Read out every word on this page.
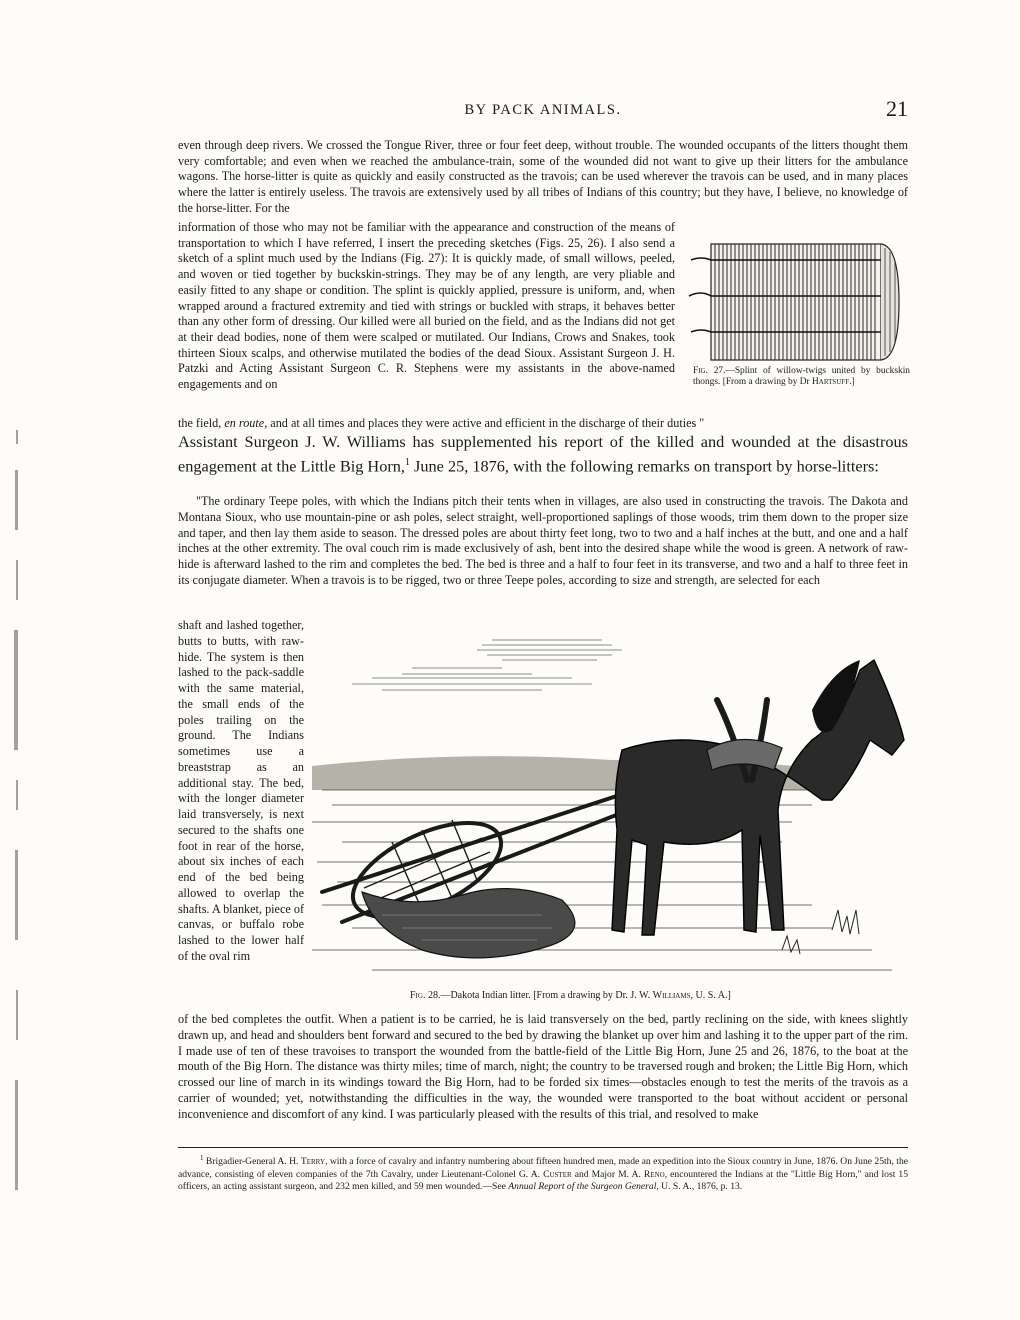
BY PACK ANIMALS.	21

even through deep rivers. We crossed the Tongue River, three or four feet deep, without trouble. The wounded occupants of the litters thought them very comfortable; and even when we reached the ambulance-train, some of the wounded did not want to give up their litters for the ambulance wagons. The horse-litter is quite as quickly and easily constructed as the travois; can be used wherever the travois can be used, and in many places where the latter is entirely useless. The travois are extensively used by all tribes of Indians of this country; but they have, I believe, no knowledge of the horse-litter. For the

information of those who may not be familiar with the appearance and construction of the means of transportation to which I have referred, I insert the preceding sketches (Figs. 25, 26). I also send a sketch of a splint much used by the Indians (Fig. 27): It is quickly made, of small willows, peeled, and woven or tied together by buckskin-strings. They may be of any length, are very pliable and easily fitted to any shape or condition. The splint is quickly applied, pressure is uniform, and, when wrapped around a fractured extremity and tied with strings or buckled with straps, it behaves better than any other form of dressing. Our killed were all buried on the field, and as the Indians did not get at their dead bodies, none of them were scalped or mutilated. Our Indians, Crows and Snakes, took thirteen Sioux scalps, and otherwise mutilated the bodies of the dead Sioux. Assistant Surgeon J. H. Patzki and Acting Assistant Surgeon C. R. Stephens were my assistants in the above-named engagements and on

the field, en route, and at all times and places they were active and efficient in the discharge of their duties "

Fig. 27.—Splint of willow-twigs united by buckskin thongs. [From a drawing by Dr Hartsuff.]

Assistant Surgeon J. W. Williams has supplemented his report of the killed and wounded at the disastrous engagement at the Little Big Horn,$^1$ June 25, 1876, with the following remarks on transport by horse-litters:

"The ordinary Teepe poles, with which the Indians pitch their tents when in villages, are also used in constructing the travois. The Dakota and Montana Sioux, who use mountain-pine or ash poles, select straight, well-proportioned saplings of those woods, trim them down to the proper size and taper, and then lay them aside to season. The dressed poles are about thirty feet long, two to two and a half inches at the butt, and one and a half inches at the other extremity. The oval couch rim is made exclusively of ash, bent into the desired shape while the wood is green. A network of raw-hide is afterward lashed to the rim and completes the bed. The bed is three and a half to four feet in its transverse, and two and a half to three feet in its conjugate diameter. When a travois is to be rigged, two or three Teepe poles, according to size and strength, are selected for each

shaft and lashed together, butts to butts, with raw-hide. The system is then lashed to the pack-saddle with the same material, the small ends of the poles trailing on the ground. The Indians sometimes use a breaststrap as an additional stay. The bed, with the longer diameter laid transversely, is next secured to the shafts one foot in rear of the horse, about six inches of each end of the bed being allowed to overlap the shafts. A blanket, piece of canvas, or buffalo robe lashed to the lower half of the oval rim

Fig. 28.—Dakota Indian litter. [From a drawing by Dr. J. W. Williams, U. S. A.]

of the bed completes the outfit. When a patient is to be carried, he is laid transversely on the bed, partly reclining on the side, with knees slightly drawn up, and head and shoulders bent forward and secured to the bed by drawing the blanket up over him and lashing it to the upper part of the rim. I made use of ten of these travoises to transport the wounded from the battle-field of the Little Big Horn, June 25 and 26, 1876, to the boat at the mouth of the Big Horn. The distance was thirty miles; time of march, night; the country to be traversed rough and broken; the Little Big Horn, which crossed our line of march in its windings toward the Big Horn, had to be forded six times—obstacles enough to test the merits of the travois as a carrier of wounded; yet, notwithstanding the difficulties in the way, the wounded were transported to the boat without accident or personal inconvenience and discomfort of any kind. I was particularly pleased with the results of this trial, and resolved to make

$^1$ Brigadier-General A. H. Terry, with a force of cavalry and infantry numbering about fifteen hundred men, made an expedition into the Sioux country in June, 1876. On June 25th, the advance, consisting of eleven companies of the 7th Cavalry, under Lieutenant-Colonel G. A. Custer and Major M. A. Reno, encountered the Indians at the "Little Big Horn," and lost 15 officers, an acting assistant surgeon, and 232 men killed, and 59 men wounded.—See Annual Report of the Surgeon General, U. S. A., 1876, p. 13.
